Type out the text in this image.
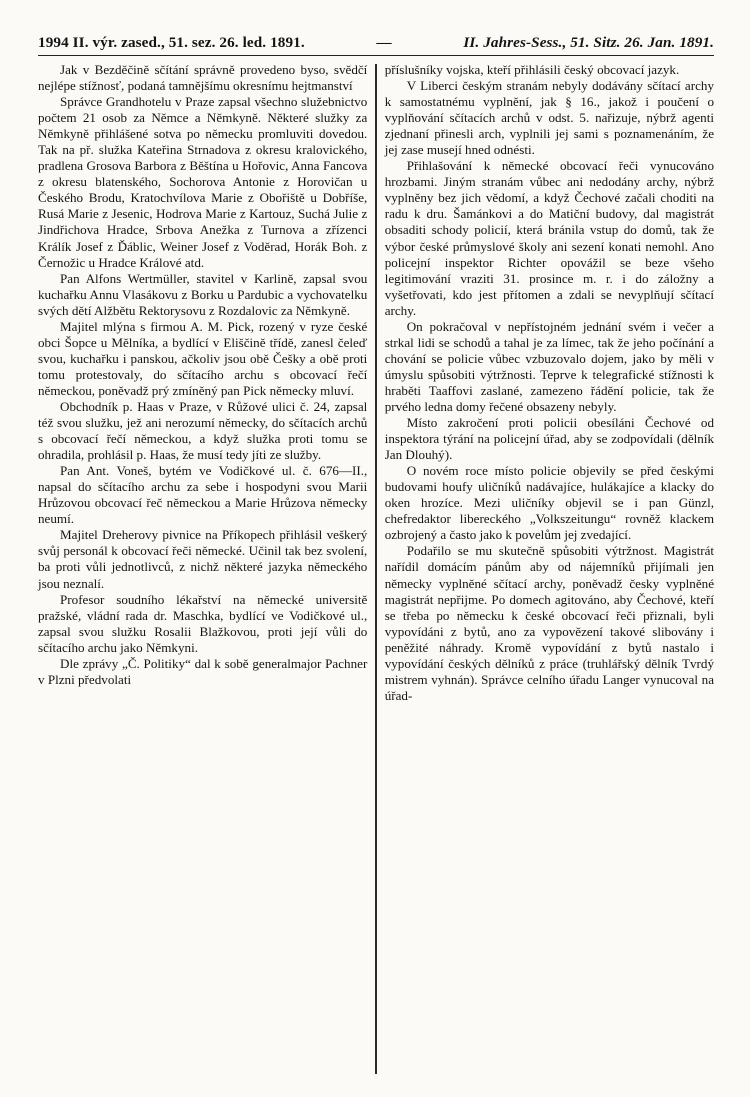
1994 II. výr. zased., 51. sez. 26. led. 1891.	—	II. Jahres-Sess., 51. Sitz. 26. Jan. 1891.

Jak v Bezděčině sčítání správně provedeno byso, svědčí nejlépe stížnosť, podaná tamnějšímu okresnímu hejtmanství

Správce Grandhotelu v Praze zapsal všechno služebnictvo počtem 21 osob za Němce a Němkyně. Některé služky za Němkyně přihlášené sotva po německu promluviti dovedou. Tak na př. služka Kateřina Strnadova z okresu kralovického, pradlena Grosova Barbora z Běštína u Hořovic, Anna Fancova z okresu blatenského, Sochorova Antonie z Horovičan u Českého Brodu, Kratochvílova Marie z Obořiště u Dobříše, Rusá Marie z Jesenic, Hodrova Marie z Kartouz, Suchá Julie z Jindřichova Hradce, Srbova Anežka z Turnova a zřízenci Králík Josef z Ďáblic, Weiner Josef z Voděrad, Horák Boh. z Černožic u Hradce Králové atd.

Pan Alfons Wertmüller, stavitel v Karlině, zapsal svou kuchařku Annu Vlasákovu z Borku u Pardubic a vychovatelku svých dětí Alžbětu Rektorysovu z Rozdalovic za Němkyně.

Majitel mlýna s firmou A. M. Pick, rozený v ryze české obci Šopce u Mělníka, a bydlící v Eliščině třídě, zanesl čeleď svou, kuchařku i panskou, ačkoliv jsou obě Češky a obě proti tomu protestovaly, do sčítacího archu s obcovací řečí německou, poněvadž prý zmíněný pan Pick německy mluví.

Obchodník p. Haas v Praze, v Růžové ulici č. 24, zapsal též svou služku, jež ani nerozumí německy, do sčítacích archů s obcovací řečí německou, a když služka proti tomu se ohradila, prohlásil p. Haas, že musí tedy jíti ze služby.

Pan Ant. Voneš, bytém ve Vodičkové ul. č. 676—II., napsal do sčítacího archu za sebe i hospodyni svou Marii Hrůzovou obcovací řeč německou a Marie Hrůzova německy neumí.

Majitel Dreherovy pivnice na Příkopech přihlásil veškerý svůj personál k obcovací řeči německé. Učinil tak bez svolení, ba proti vůli jednotlivců, z nichž některé jazyka německého jsou neznalí.

Profesor soudního lékařství na německé universitě pražské, vládní rada dr. Maschka, bydlící ve Vodičkové ul., zapsal svou služku Rosalii Blažkovou, proti její vůli do sčítacího archu jako Němkyni.

Dle zprávy „Č. Politiky“ dal k sobě generalmajor Pachner v Plzni předvolati

příslušníky vojska, kteří přihlásili český obcovací jazyk.

V Liberci českým stranám nebyly dodávány sčítací archy k samostatnému vyplnění, jak § 16., jakož i poučení o vyplňování sčítacích archů v odst. 5. nařizuje, nýbrž agenti zjednaní přinesli arch, vyplnili jej sami s poznamenáním, že jej zase musejí hned odnésti.

Přihlašování k německé obcovací řeči vynucováno hrozbami. Jiným stranám vůbec ani nedodány archy, nýbrž vyplněny bez jich vědomí, a když Čechové začali choditi na radu k dru. Šamánkovi a do Matiční budovy, dal magistrát obsaditi schody policií, která bránila vstup do domů, tak že výbor české průmyslové školy ani sezení konati nemohl. Ano policejní inspektor Richter opovážil se beze všeho legitimování vraziti 31. prosince m. r. i do záložny a vyšetřovati, kdo jest přítomen a zdali se nevyplňují sčítací archy.

On pokračoval v nepřístojném jednání svém i večer a strkal lidi se schodů a tahal je za límec, tak že jeho počínání a chování se policie vůbec vzbuzovalo dojem, jako by měli v úmyslu spůsobiti výtržnosti. Teprve k telegrafické stížnosti k hraběti Taaffovi zaslané, zamezeno řádění policie, tak že prvého ledna domy řečené obsazeny nebyly.

Místo zakročení proti policii obesíláni Čechové od inspektora týrání na policejní úřad, aby se zodpovídali (dělník Jan Dlouhý).

O novém roce místo policie objevily se před českými budovami houfy uličníků nadávajíce, hulákajíce a klacky do oken hrozíce. Mezi uličníky objevil se i pan Günzl, chefredaktor libereckého „Volkszeitungu“ rovněž klackem ozbrojený a často jako k povelům jej zvedající.

Podařilo se mu skutečně spůsobiti výtržnost. Magistrát nařídil domácím pánům aby od nájemníků přijímali jen německy vyplněné sčítací archy, poněvadž česky vyplněné magistrát nepřijme. Po domech agitováno, aby Čechové, kteří se třeba po německu k české obcovací řeči přiznali, byli vypovídáni z bytů, ano za vypovězení takové slibovány i peněžité náhrady. Kromě vypovídání z bytů nastalo i vypovídání českých dělníků z práce (truhlářský dělník Tvrdý mistrem vyhnán). Správce celního úřadu Langer vynucoval na úřad-
